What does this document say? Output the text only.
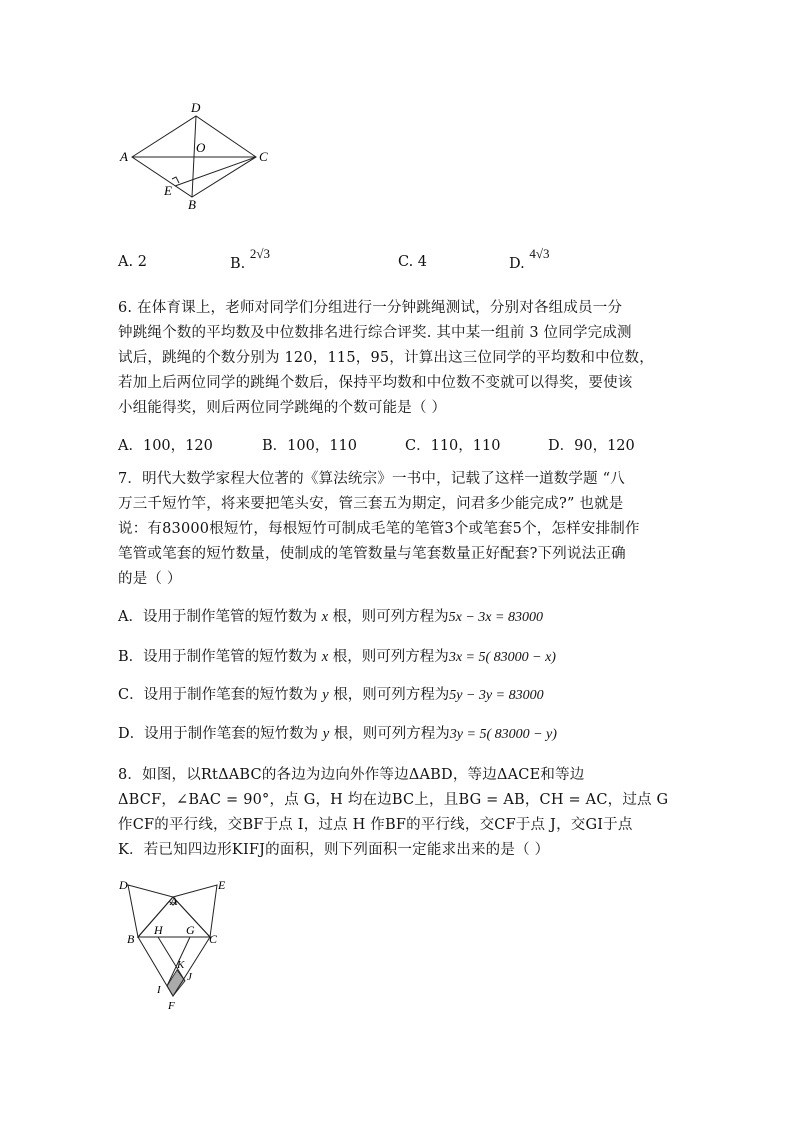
D
A
O
C
E
B
A. 2	B. 2√3
C. 4	D. 4√3
6. 在体育课上，老师对同学们分组进行一分钟跳绳测试，分别对各组成员一分
钟跳绳个数的平均数及中位数排名进行综合评奖. 其中某一组前 3 位同学完成测
试后，跳绳的个数分别为 120，115，95，计算出这三位同学的平均数和中位数，
若加上后两位同学的跳绳个数后，保持平均数和中位数不变就可以得奖，要使该
小组能得奖，则后两位同学跳绳的个数可能是（ ）
A．100，120	B．100，110	C．110，110	D．90，120
7．明代大数学家程大位著的《算法统宗》一书中，记载了这样一道数学题 “八
万三千短竹竿，将来要把笔头安，管三套五为期定，问君多少能完成?” 也就是
说：有83000根短竹，每根短竹可制成毛笔的笔管3个或笔套5个，怎样安排制作
笔管或笔套的短竹数量，使制成的笔管数量与笔套数量正好配套?下列说法正确
的是（ ）
A．设用于制作笔管的短竹数为 x 根，则可列方程为5x − 3x = 83000
B．设用于制作笔管的短竹数为 x 根，则可列方程为3x = 5( 83000 − x)
C．设用于制作笔套的短竹数为 y 根，则可列方程为5y − 3y = 83000
D．设用于制作笔套的短竹数为 y 根，则可列方程为3y = 5( 83000 − y)
8．如图，以RtΔABC的各边为边向外作等边ΔABD，等边ΔACE和等边
ΔBCF，∠BAC = 90°，点 G，H 均在边BC上，且BG = AB，CH = AC，过点 G
作CF的平行线，交BF于点 I，过点 H 作BF的平行线，交CF于点 J，交GI于点
K．若已知四边形KIFJ的面积，则下列面积一定能求出来的是（ ）
D
A
E
B
H G
C
K
J
I
F
